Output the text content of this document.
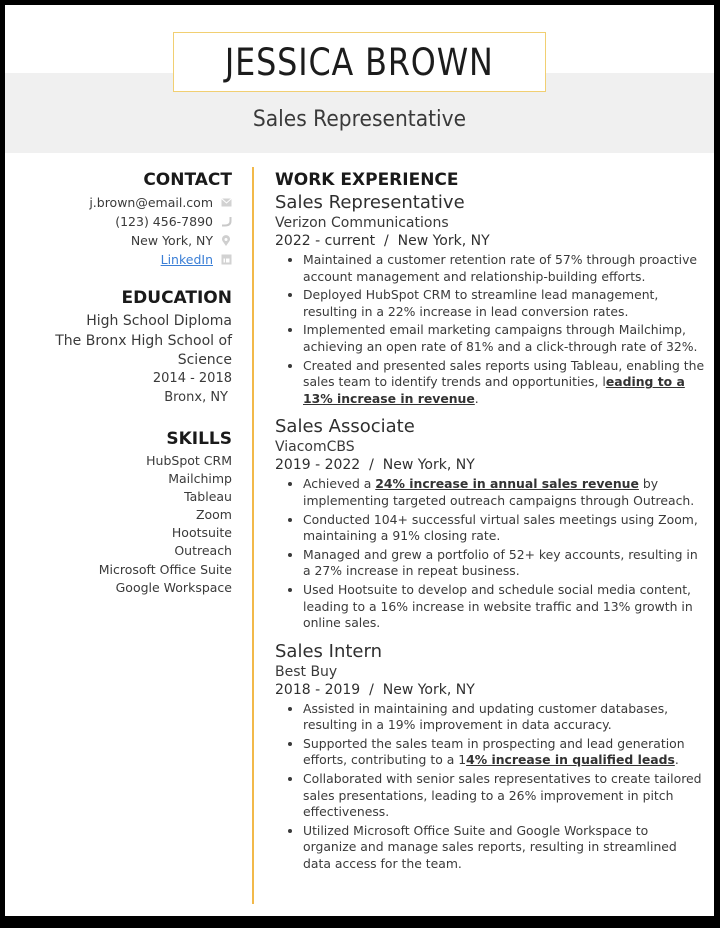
JESSICA BROWN
Sales Representative
CONTACT
j.brown@email.com
(123) 456-7890
New York, NY
LinkedIn
EDUCATION
High School Diploma
The Bronx High School of
Science
2014 - 2018
Bronx, NY
SKILLS
HubSpot CRM
Mailchimp
Tableau
Zoom
Hootsuite
Outreach
Microsoft Office Suite
Google Workspace
WORK EXPERIENCE
Sales Representative
Verizon Communications
2022 - current  /  New York, NY
• Maintained a customer retention rate of 57% through proactive account management and relationship-building efforts.
• Deployed HubSpot CRM to streamline lead management, resulting in a 22% increase in lead conversion rates.
• Implemented email marketing campaigns through Mailchimp, achieving an open rate of 81% and a click-through rate of 32%.
• Created and presented sales reports using Tableau, enabling the sales team to identify trends and opportunities, leading to a 13% increase in revenue.
Sales Associate
ViacomCBS
2019 - 2022  /  New York, NY
• Achieved a 24% increase in annual sales revenue by implementing targeted outreach campaigns through Outreach.
• Conducted 104+ successful virtual sales meetings using Zoom, maintaining a 91% closing rate.
• Managed and grew a portfolio of 52+ key accounts, resulting in a 27% increase in repeat business.
• Used Hootsuite to develop and schedule social media content, leading to a 16% increase in website traffic and 13% growth in online sales.
Sales Intern
Best Buy
2018 - 2019  /  New York, NY
• Assisted in maintaining and updating customer databases, resulting in a 19% improvement in data accuracy.
• Supported the sales team in prospecting and lead generation efforts, contributing to a 14% increase in qualified leads.
• Collaborated with senior sales representatives to create tailored sales presentations, leading to a 26% improvement in pitch effectiveness.
• Utilized Microsoft Office Suite and Google Workspace to organize and manage sales reports, resulting in streamlined data access for the team.
